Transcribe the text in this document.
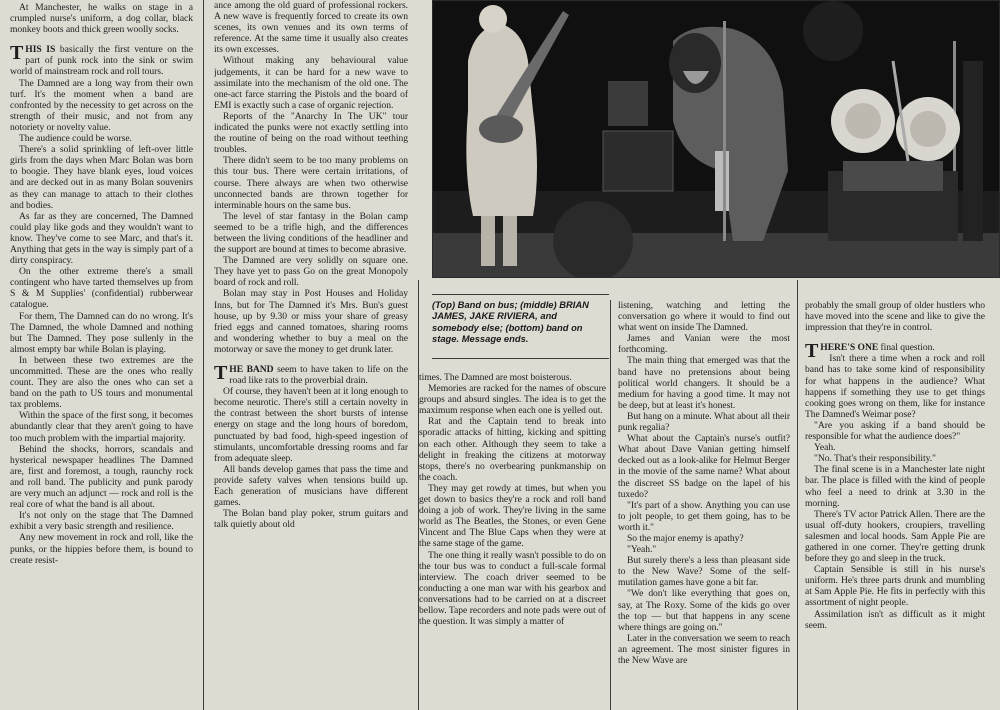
At Manchester, he walks on stage in a crumpled nurse's uniform, a dog collar, black monkey boots and thick green woolly socks.

THIS IS basically the first venture on the part of punk rock into the sink or swim world of mainstream rock and roll tours.

The Damned are a long way from their own turf. It's the moment when a band are confronted by the necessity to get across on the strength of their music, and not from any notoriety or novelty value.

The audience could be worse.

There's a solid sprinkling of left-over little girls from the days when Marc Bolan was born to boogie. They have blank eyes, loud voices and are decked out in as many Bolan souvenirs as they can manage to attach to their clothes and bodies.

As far as they are concerned, The Damned could play like gods and they wouldn't want to know. They've come to see Marc, and that's it. Anything that gets in the way is simply part of a dirty conspiracy.

On the other extreme there's a small contingent who have tarted themselves up from S & M Supplies' (confidential) rubberwear catalogue.

For them, The Damned can do no wrong. It's The Damned, the whole Damned and nothing but The Damned. They pose sullenly in the almost empty bar while Bolan is playing.

In between these two extremes are the uncommitted. These are the ones who really count. They are also the ones who can set a band on the path to US tours and monumental tax problems.

Within the space of the first song, it becomes abundantly clear that they aren't going to have too much problem with the impartial majority.

Behind the shocks, horrors, scandals and hysterical newspaper headlines The Damned are, first and foremost, a tough, raunchy rock and roll band. The publicity and punk parody are very much an adjunct — rock and roll is the real core of what the band is all about.

It's not only on the stage that The Damned exhibit a very basic strength and resilience.

Any new movement in rock and roll, like the punks, or the hippies before them, is bound to create resist-

ance among the old guard of professional rockers. A new wave is frequently forced to create its own scenes, its own venues and its own terms of reference. At the same time it usually also creates its own excesses.

Without making any behavioural value judgements, it can be hard for a new wave to assimilate into the mechanism of the old one. The one-act farce starring the Pistols and the board of EMI is exactly such a case of organic rejection.

Reports of the "Anarchy In The UK" tour indicated the punks were not exactly settling into the routine of being on the road without teething troubles.

There didn't seem to be too many problems on this tour bus. There were certain irritations, of course. There always are when two otherwise unconnected bands are thrown together for interminable hours on the same bus.

The level of star fantasy in the Bolan camp seemed to be a trifle high, and the differences between the living conditions of the headliner and the support are bound at times to become abrasive.

The Damned are very solidly on square one. They have yet to pass Go on the great Monopoly board of rock and roll.

Bolan may stay in Post Houses and Holiday Inns, but for The Damned it's Mrs. Bun's guest house, up by 9.30 or miss your share of greasy fried eggs and canned tomatoes, sharing rooms and wondering whether to buy a meal on the motorway or save the money to get drunk later.

THE BAND seem to have taken to life on the road like rats to the proverbial drain.

Of course, they haven't been at it long enough to become neurotic. There's still a certain novelty in the contrast between the short bursts of intense energy on stage and the long hours of boredom, punctuated by bad food, high-speed ingestion of stimulants, uncomfortable dressing rooms and far from adequate sleep.

All bands develop games that pass the time and provide safety valves when tensions build up. Each generation of musicians have different games.

The Bolan band play poker, strum guitars and talk quietly about old

(Top) Band on bus; (middle) BRIAN JAMES, JAKE RIVIERA, and somebody else; (bottom) band on stage. Message ends.

times. The Damned are most boisterous.

Memories are racked for the names of obscure groups and absurd singles. The idea is to get the maximum response when each one is yelled out.

Rat and the Captain tend to break into sporadic attacks of hitting, kicking and spitting on each other. Although they seem to take a delight in freaking the citizens at motorway stops, there's no overbearing punkmanship on the coach.

They may get rowdy at times, but when you get down to basics they're a rock and roll band doing a job of work. They're living in the same world as The Beatles, the Stones, or even Gene Vincent and The Blue Caps when they were at the same stage of the game.

The one thing it really wasn't possible to do on the tour bus was to conduct a full-scale formal interview. The coach driver seemed to be conducting a one man war with his gearbox and conversations had to be carried on at a discreet bellow. Tape recorders and note pads were out of the question. It was simply a matter of

listening, watching and letting the conversation go where it would to find out what went on inside The Damned.

James and Vanian were the most forthcoming.

The main thing that emerged was that the band have no pretensions about being political world changers. It should be a medium for having a good time. It may not be deep, but at least it's honest.

But hang on a minute. What about all their punk regalia?

What about the Captain's nurse's outfit? What about Dave Vanian getting himself decked out as a look-alike for Helmut Berger in the movie of the same name? What about the discreet SS badge on the lapel of his tuxedo?

"It's part of a show. Anything you can use to jolt people, to get them going, has to be worth it."

So the major enemy is apathy?

"Yeah."

But surely there's a less than pleasant side to the New Wave? Some of the self-mutilation games have gone a bit far.

"We don't like everything that goes on, say, at The Roxy. Some of the kids go over the top — but that happens in any scene where things are going on."

Later in the conversation we seem to reach an agreement. The most sinister figures in the New Wave are

probably the small group of older hustlers who have moved into the scene and like to give the impression that they're in control.

THERE'S ONE final question.

Isn't there a time when a rock and roll band has to take some kind of responsibility for what happens in the audience? What happens if something they use to get things cooking goes wrong on them, like for instance The Damned's Weimar pose?

"Are you asking if a band should be responsible for what the audience does?"

Yeah.

"No. That's their responsibility."

The final scene is in a Manchester late night bar. The place is filled with the kind of people who feel a need to drink at 3.30 in the morning.

There's TV actor Patrick Allen. There are the usual off-duty hookers, croupiers, travelling salesmen and local hoods. Sam Apple Pie are gathered in one corner. They're getting drunk before they go and sleep in the truck.

Captain Sensible is still in his nurse's uniform. He's three parts drunk and mumbling at Sam Apple Pie. He fits in perfectly with this assortment of night people.

Assimilation isn't as difficult as it might seem.
